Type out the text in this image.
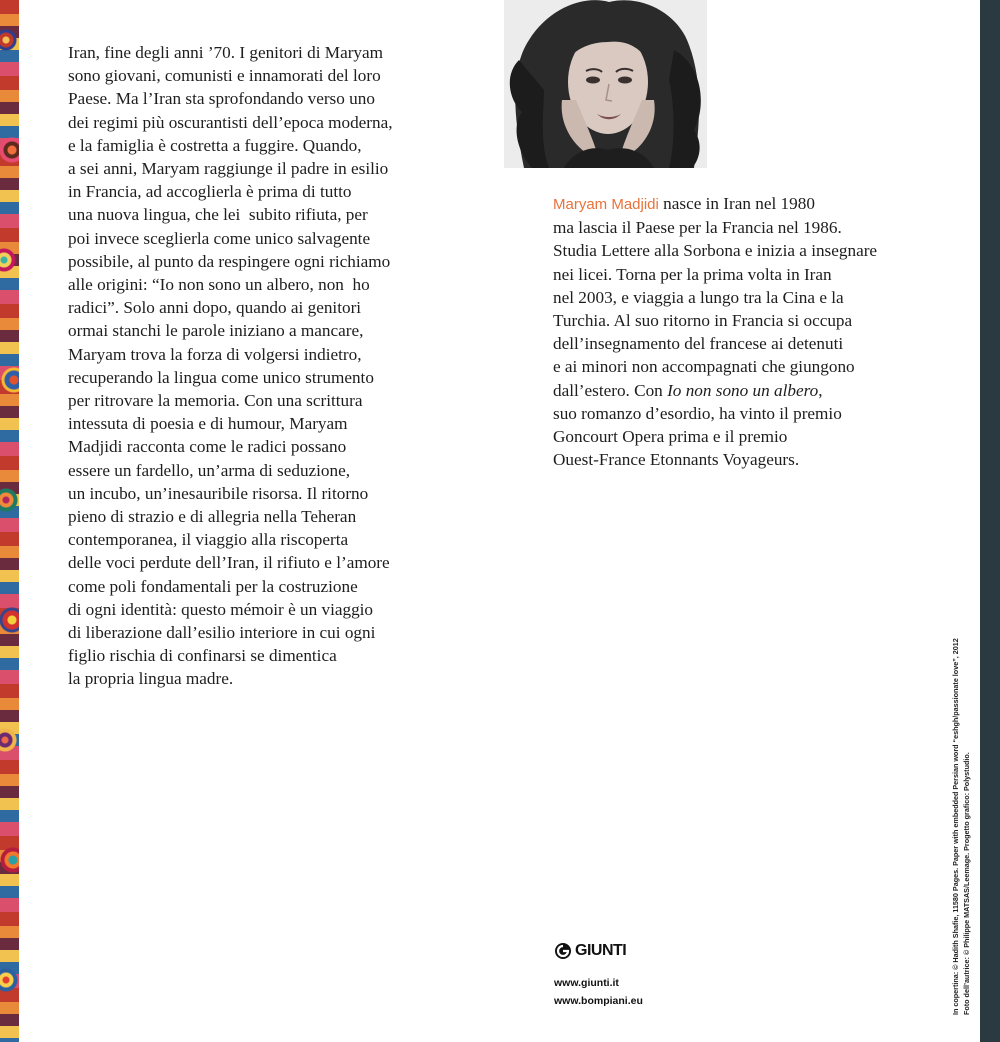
Iran, fine degli anni ’70. I genitori di Maryam
sono giovani, comunisti e innamorati del loro
Paese. Ma l’Iran sta sprofondando verso uno
dei regimi più oscurantisti dell’epoca moderna,
e la famiglia è costretta a fuggire. Quando,
a sei anni, Maryam raggiunge il padre in esilio
in Francia, ad accoglierla è prima di tutto
una nuova lingua, che lei  subito rifiuta, per
poi invece sceglierla come unico salvagente
possibile, al punto da respingere ogni richiamo
alle origini: “Io non sono un albero, non  ho
radici”. Solo anni dopo, quando ai genitori
ormai stanchi le parole iniziano a mancare,
Maryam trova la forza di volgersi indietro,
recuperando la lingua come unico strumento
per ritrovare la memoria. Con una scrittura
intessuta di poesia e di humour, Maryam
Madjidi racconta come le radici possano
essere un fardello, un’arma di seduzione,
un incubo, un’inesauribile risorsa. Il ritorno
pieno di strazio e di allegria nella Teheran
contemporanea, il viaggio alla riscoperta
delle voci perdute dell’Iran, il rifiuto e l’amore
come poli fondamentali per la costruzione
di ogni identità: questo mémoir è un viaggio
di liberazione dall’esilio interiore in cui ogni
figlio rischia di confinarsi se dimentica
la propria lingua madre.

Maryam Madjidi nasce in Iran nel 1980
ma lascia il Paese per la Francia nel 1986.
Studia Lettere alla Sorbona e inizia a insegnare
nei licei. Torna per la prima volta in Iran
nel 2003, e viaggia a lungo tra la Cina e la
Turchia. Al suo ritorno in Francia si occupa
dell’insegnamento del francese ai detenuti
e ai minori non accompagnati che giungono
dall’estero. Con Io non sono un albero,
suo romanzo d’esordio, ha vinto il premio
Goncourt Opera prima e il premio
Ouest-France Etonnants Voyageurs.
GIUNTI
www.giunti.it
www.bompiani.eu	In copertina: © Hadith Shafie, 11580 Pages. Paper with embedded Persian word “eshgh/passionate love”, 2012 Foto dell’autrice: © Philippe MATSAS/Leemage. Progetto grafico: Polystudio.
